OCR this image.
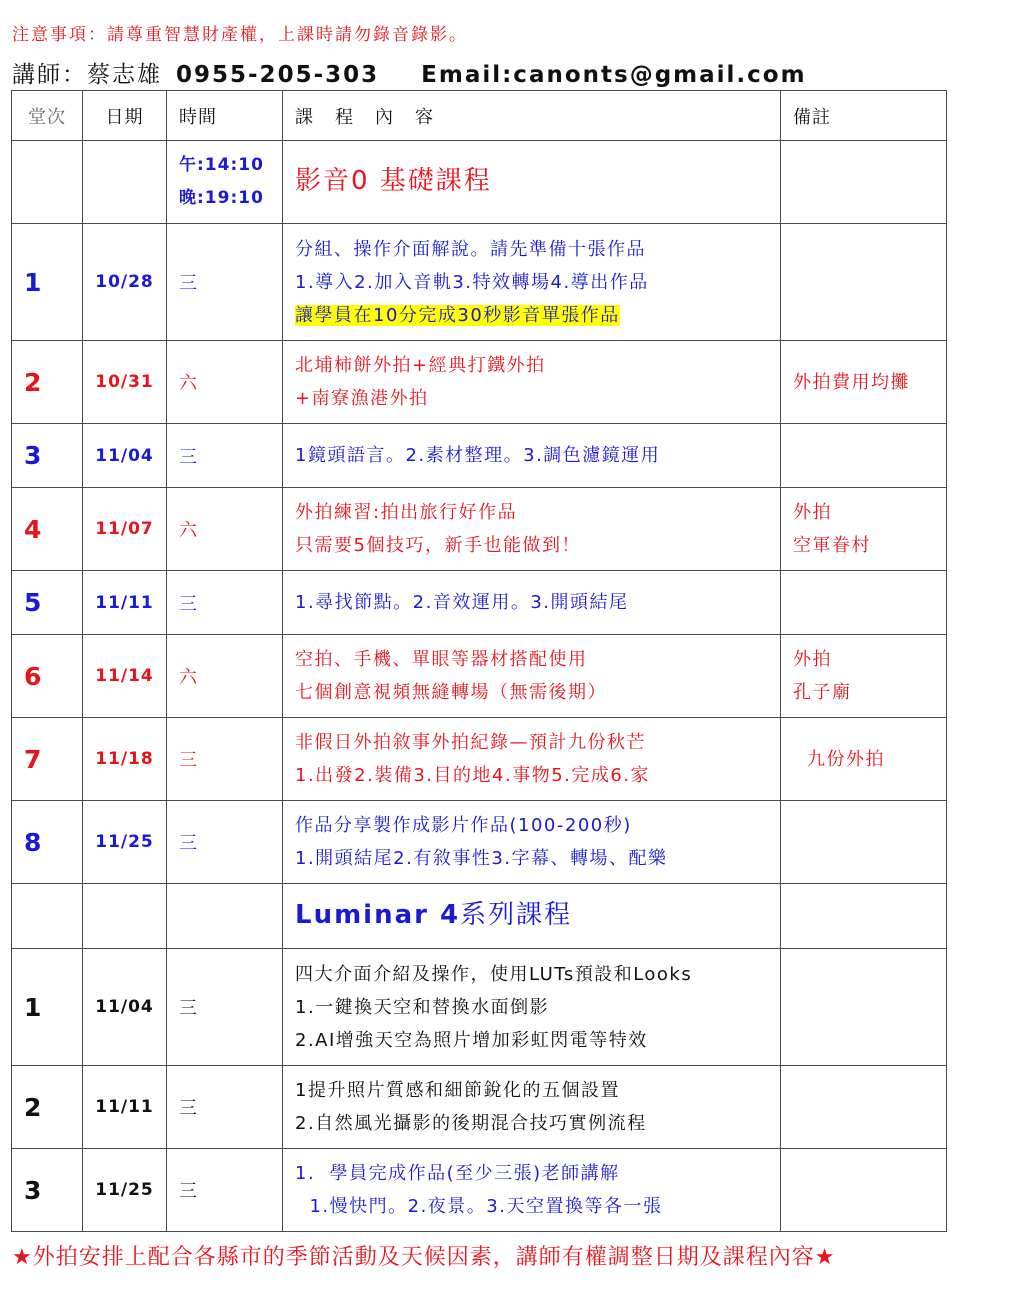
注意事項：請尊重智慧財產權，上課時請勿錄音錄影。
講師：蔡志雄 0955-205-303 Email:canonts@gmail.com
堂次	日期	時間	課　程　內　容	備註

		午:14:10
晚:19:10	影音0 基礎課程	
1	10/28	三	分組、操作介面解說。請先準備十張作品
1.導入2.加入音軌3.特效轉場4.導出作品
讓學員在10分完成30秒影音單張作品	

2	10/31	六	北埔柿餅外拍+經典打鐵外拍
+南寮漁港外拍	外拍費用均攤
3	11/04	三	1鏡頭語言。2.素材整理。3.調色濾鏡運用	

4	11/07	六	外拍練習:拍出旅行好作品
只需要5個技巧，新手也能做到！	外拍
空軍眷村

5	11/11	三	1.尋找節點。2.音效運用。3.開頭結尾	

6	11/14	六	空拍、手機、單眼等器材搭配使用
七個創意視頻無縫轉場（無需後期）	外拍
孔子廟

7	11/18	三	非假日外拍敘事外拍紀錄—預計九份秋芒
1.出發2.裝備3.目的地4.事物5.完成6.家	九份外拍
8	11/25	三	作品分享製作成影片作品(100-200秒)
1.開頭結尾2.有敘事性3.字幕、轉場、配樂	

			Luminar 4系列課程	
1	11/04	三	四大介面介紹及操作，使用LUTs預設和Looks
1.一鍵換天空和替換水面倒影
2.AI增強天空為照片增加彩虹閃電等特效	

2	11/11	三	1提升照片質感和細節銳化的五個設置
2.自然風光攝影的後期混合技巧實例流程	

3	11/25	三	1.  學員完成作品(至少三張)老師講解
1.慢快門。2.夜景。3.天空置換等各一張	

★外拍安排上配合各縣市的季節活動及天候因素，講師有權調整日期及課程內容★
